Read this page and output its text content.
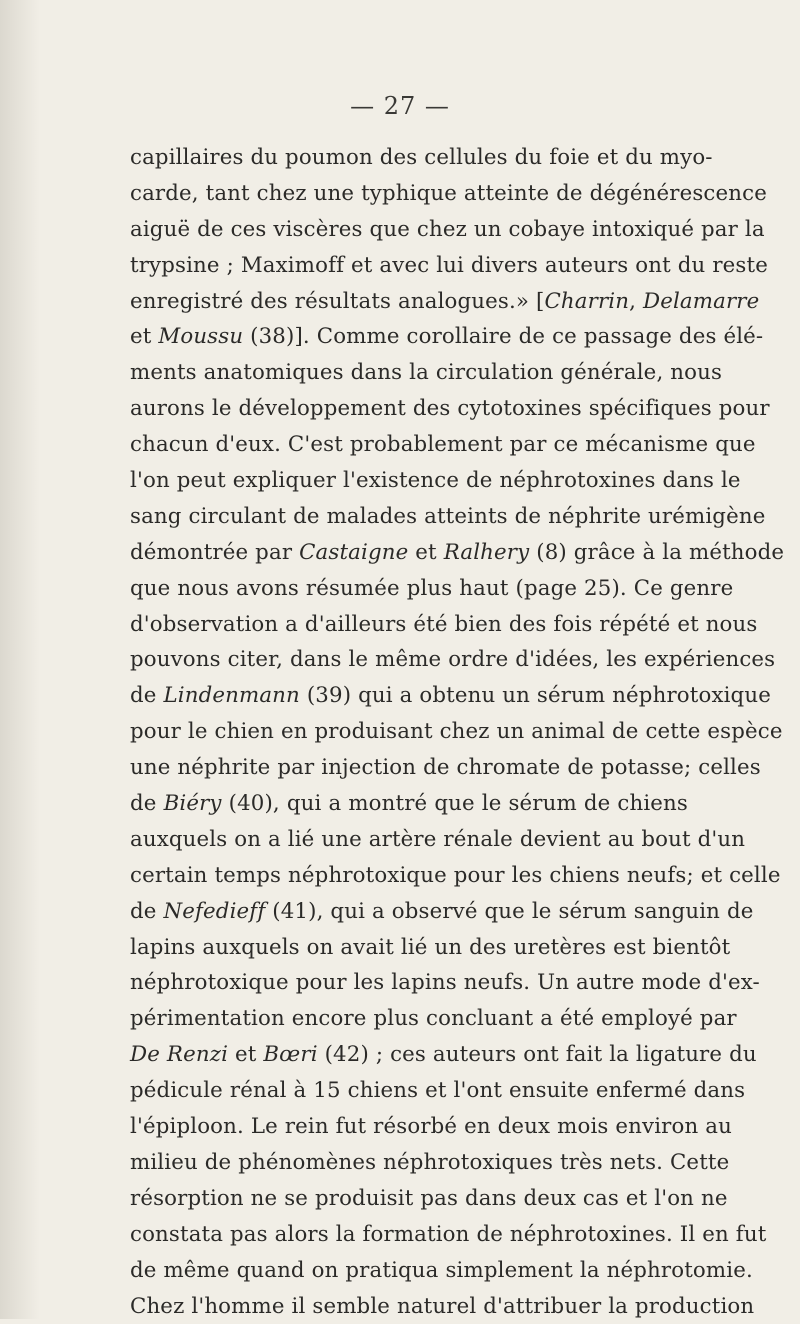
— 27 —
capillaires du poumon des cellules du foie et du myo-
carde, tant chez une typhique atteinte de dégénérescence
aiguë de ces viscères que chez un cobaye intoxiqué par la
trypsine ; Maximoff et avec lui divers auteurs ont du reste
enregistré des résultats analogues.» [Charrin, Delamarre
et Moussu (38)]. Comme corollaire de ce passage des élé-
ments anatomiques dans la circulation générale, nous
aurons le développement des cytotoxines spécifiques pour
chacun d'eux. C'est probablement par ce mécanisme que
l'on peut expliquer l'existence de néphrotoxines dans le
sang circulant de malades atteints de néphrite urémigène
démontrée par Castaigne et Ralhery (8) grâce à la méthode
que nous avons résumée plus haut (page 25). Ce genre
d'observation a d'ailleurs été bien des fois répété et nous
pouvons citer, dans le même ordre d'idées, les expériences
de Lindenmann (39) qui a obtenu un sérum néphrotoxique
pour le chien en produisant chez un animal de cette espèce
une néphrite par injection de chromate de potasse; celles
de Biéry (40), qui a montré que le sérum de chiens
auxquels on a lié une artère rénale devient au bout d'un
certain temps néphrotoxique pour les chiens neufs; et celle
de Nefedieff (41), qui a observé que le sérum sanguin de
lapins auxquels on avait lié un des uretères est bientôt
néphrotoxique pour les lapins neufs. Un autre mode d'ex-
périmentation encore plus concluant a été employé par
De Renzi et Bœri (42) ; ces auteurs ont fait la ligature du
pédicule rénal à 15 chiens et l'ont ensuite enfermé dans
l'épiploon. Le rein fut résorbé en deux mois environ au
milieu de phénomènes néphrotoxiques très nets. Cette
résorption ne se produisit pas dans deux cas et l'on ne
constata pas alors la formation de néphrotoxines. Il en fut
de même quand on pratiqua simplement la néphrotomie.
Chez l'homme il semble naturel d'attribuer la production
